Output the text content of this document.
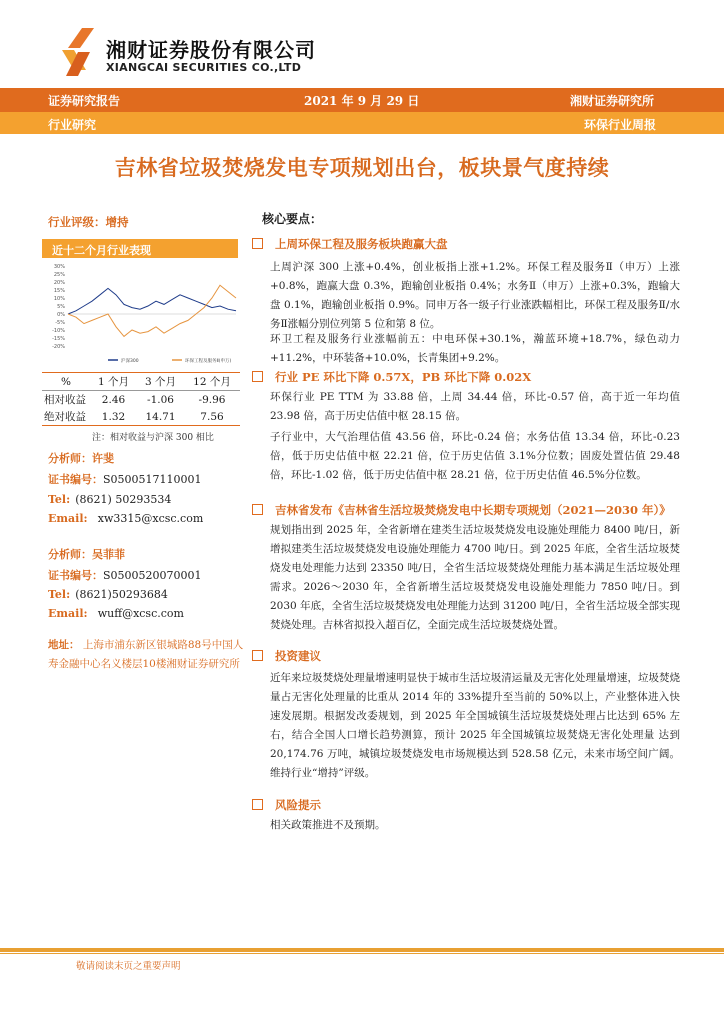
湘财证券股份有限公司
XIANGCAI SECURITIES CO.,LTD
证券研究报告	2021 年 9 月 29 日	湘财证券研究所
行业研究	环保行业周报
吉林省垃圾焚烧发电专项规划出台，板块景气度持续
行业评级：增持
近十二个月行业表现
30%
25%
20%
15%
10%
5%
0%
-5%
-10%
-15%
-20%
沪深300	环保工程及服务Ⅱ(申万)
%	1 个月	3 个月	12 个月
相对收益	2.46	-1.06	-9.96
绝对收益	1.32	14.71	7.56
注：相对收益与沪深 300 相比
分析师：许斐
证书编号：S0500517110001
Tel: (8621) 50293534
Email: xw3315@xcsc.com
分析师：吴菲菲
证书编号：S0500520070001
Tel: (8621)50293684
Email: wuff@xcsc.com
地址： 上海市浦东新区银城路88号中国人寿金融中心名义楼层10楼湘财证券研究所
核心要点：
上周环保工程及服务板块跑赢大盘
上周沪深 300 上涨+0.4%，创业板指上涨+1.2%。环保工程及服务Ⅱ（申万）上涨+0.8%，跑赢大盘 0.3%，跑输创业板指 0.4%；水务Ⅱ（申万）上涨+0.3%，跑输大盘 0.1%，跑输创业板指 0.9%。同申万各一级子行业涨跌幅相比，环保工程及服务Ⅱ/水务Ⅱ涨幅分别位列第 5 位和第 8 位。
环卫工程及服务行业涨幅前五：中电环保+30.1%，瀚蓝环境+18.7%，绿色动力+11.2%，中环装备+10.0%，长青集团+9.2%。
行业 PE 环比下降 0.57X，PB 环比下降 0.02X
环保行业 PE TTM 为 33.88 倍，上周 34.44 倍，环比-0.57 倍，高于近一年均值 23.98 倍，高于历史估值中枢 28.15 倍。
子行业中，大气治理估值 43.56 倍，环比-0.24 倍；水务估值 13.34 倍，环比-0.23 倍，低于历史估值中枢 22.21 倍，位于历史估值 3.1%分位数；固废处置估值 29.48 倍，环比-1.02 倍，低于历史估值中枢 28.21 倍，位于历史估值 46.5%分位数。
吉林省发布《吉林省生活垃圾焚烧发电中长期专项规划（2021—2030 年）》
规划指出到 2025 年，全省新增在建类生活垃圾焚烧发电设施处理能力 8400 吨/日，新增拟建类生活垃圾焚烧发电设施处理能力 4700 吨/日。到 2025 年底，全省生活垃圾焚烧发电处理能力达到 23350 吨/日，全省生活垃圾焚烧处理能力基本满足生活垃圾处理需求。2026～2030 年，全省新增生活垃圾焚烧发电设施处理能力 7850 吨/日。到 2030 年底，全省生活垃圾焚烧发电处理能力达到 31200 吨/日，全省生活垃圾全部实现焚烧处理。吉林省拟投入超百亿，全面完成生活垃圾焚烧处置。
投资建议
近年来垃圾焚烧处理量增速明显快于城市生活垃圾清运量及无害化处理量增速，垃圾焚烧量占无害化处理量的比重从 2014 年的 33%提升至当前的 50%以上，产业整体进入快速发展期。根据发改委规划，到 2025 年全国城镇生活垃圾焚烧处理占比达到 65% 左右，结合全国人口增长趋势测算，预计 2025 年全国城镇垃圾焚烧无害化处理量 达到 20,174.76 万吨，城镇垃圾焚烧发电市场规模达到 528.58 亿元，未来市场空间广阔。维持行业“增持”评级。
风险提示
相关政策推进不及预期。
敬请阅读末页之重要声明
